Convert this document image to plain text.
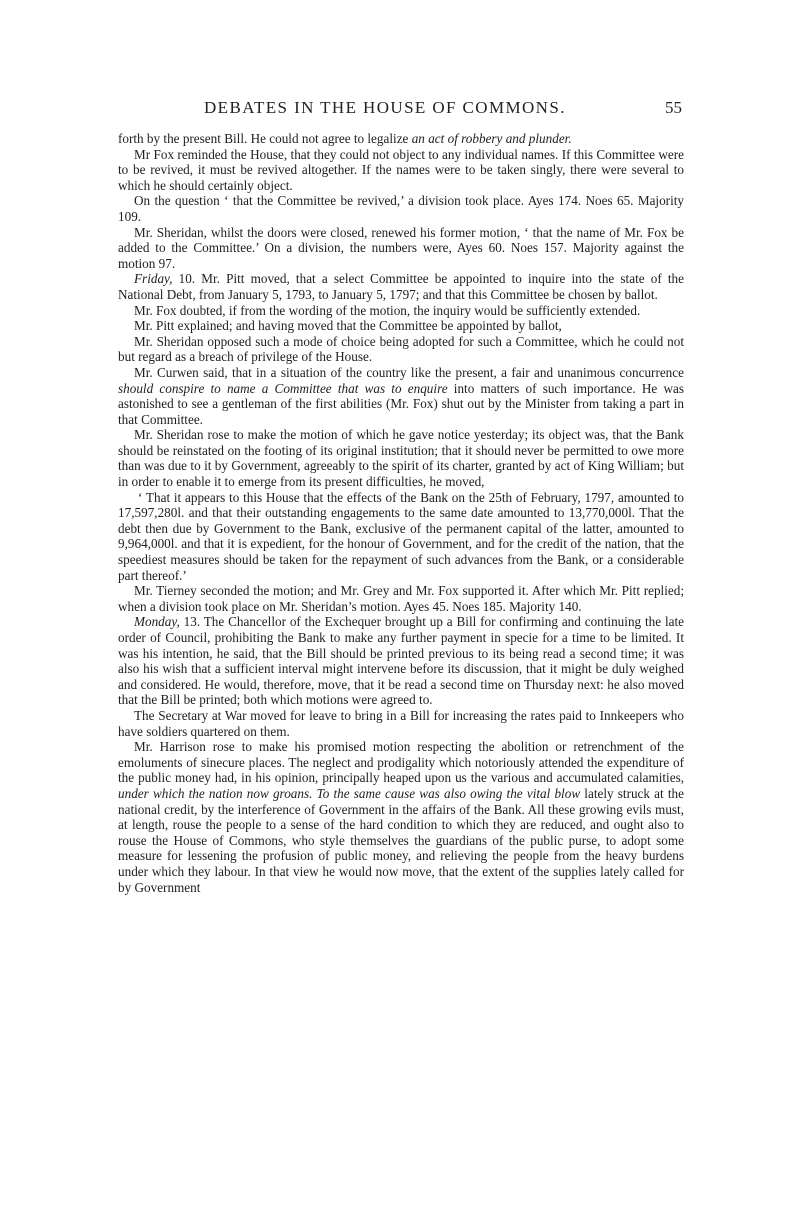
DEBATES IN THE HOUSE OF COMMONS.	55

forth by the present Bill. He could not agree to legalize an act of robbery and plunder.

Mr Fox reminded the House, that they could not object to any individual names. If this Committee were to be revived, it must be revived altogether. If the names were to be taken singly, there were several to which he should certainly object.

On the question ‘ that the Committee be revived,’ a division took place. Ayes 174. Noes 65. Majority 109.

Mr. Sheridan, whilst the doors were closed, renewed his former motion, ‘ that the name of Mr. Fox be added to the Committee.’ On a division, the numbers were, Ayes 60. Noes 157. Majority against the motion 97.

Friday, 10. Mr. Pitt moved, that a select Committee be appointed to inquire into the state of the National Debt, from January 5, 1793, to January 5, 1797; and that this Committee be chosen by ballot.

Mr. Fox doubted, if from the wording of the motion, the inquiry would be sufficiently extended.

Mr. Pitt explained; and having moved that the Committee be appointed by ballot,

Mr. Sheridan opposed such a mode of choice being adopted for such a Committee, which he could not but regard as a breach of privilege of the House.

Mr. Curwen said, that in a situation of the country like the present, a fair and unanimous concurrence should conspire to name a Committee that was to enquire into matters of such importance. He was astonished to see a gentleman of the first abilities (Mr. Fox) shut out by the Minister from taking a part in that Committee.

Mr. Sheridan rose to make the motion of which he gave notice yesterday; its object was, that the Bank should be reinstated on the footing of its original institution; that it should never be permitted to owe more than was due to it by Government, agreeably to the spirit of its charter, granted by act of King William; but in order to enable it to emerge from its present difficulties, he moved,

‘ That it appears to this House that the effects of the Bank on the 25th of February, 1797, amounted to 17,597,280l. and that their outstanding engagements to the same date amounted to 13,770,000l. That the debt then due by Government to the Bank, exclusive of the permanent capital of the latter, amounted to 9,964,000l. and that it is expedient, for the honour of Government, and for the credit of the nation, that the speediest measures should be taken for the repayment of such advances from the Bank, or a considerable part thereof.’

Mr. Tierney seconded the motion; and Mr. Grey and Mr. Fox supported it. After which Mr. Pitt replied; when a division took place on Mr. Sheridan’s motion. Ayes 45. Noes 185. Majority 140.

Monday, 13. The Chancellor of the Exchequer brought up a Bill for confirming and continuing the late order of Council, prohibiting the Bank to make any further payment in specie for a time to be limited. It was his intention, he said, that the Bill should be printed previous to its being read a second time; it was also his wish that a sufficient interval might intervene before its discussion, that it might be duly weighed and considered. He would, therefore, move, that it be read a second time on Thursday next: he also moved that the Bill be printed; both which motions were agreed to.

The Secretary at War moved for leave to bring in a Bill for increasing the rates paid to Innkeepers who have soldiers quartered on them.

Mr. Harrison rose to make his promised motion respecting the abolition or retrenchment of the emoluments of sinecure places. The neglect and prodigality which notoriously attended the expenditure of the public money had, in his opinion, principally heaped upon us the various and accumulated calamities, under which the nation now groans. To the same cause was also owing the vital blow lately struck at the national credit, by the interference of Government in the affairs of the Bank. All these growing evils must, at length, rouse the people to a sense of the hard condition to which they are reduced, and ought also to rouse the House of Commons, who style themselves the guardians of the public purse, to adopt some measure for lessening the profusion of public money, and relieving the people from the heavy burdens under which they labour. In that view he would now move, that the extent of the supplies lately called for by Government
